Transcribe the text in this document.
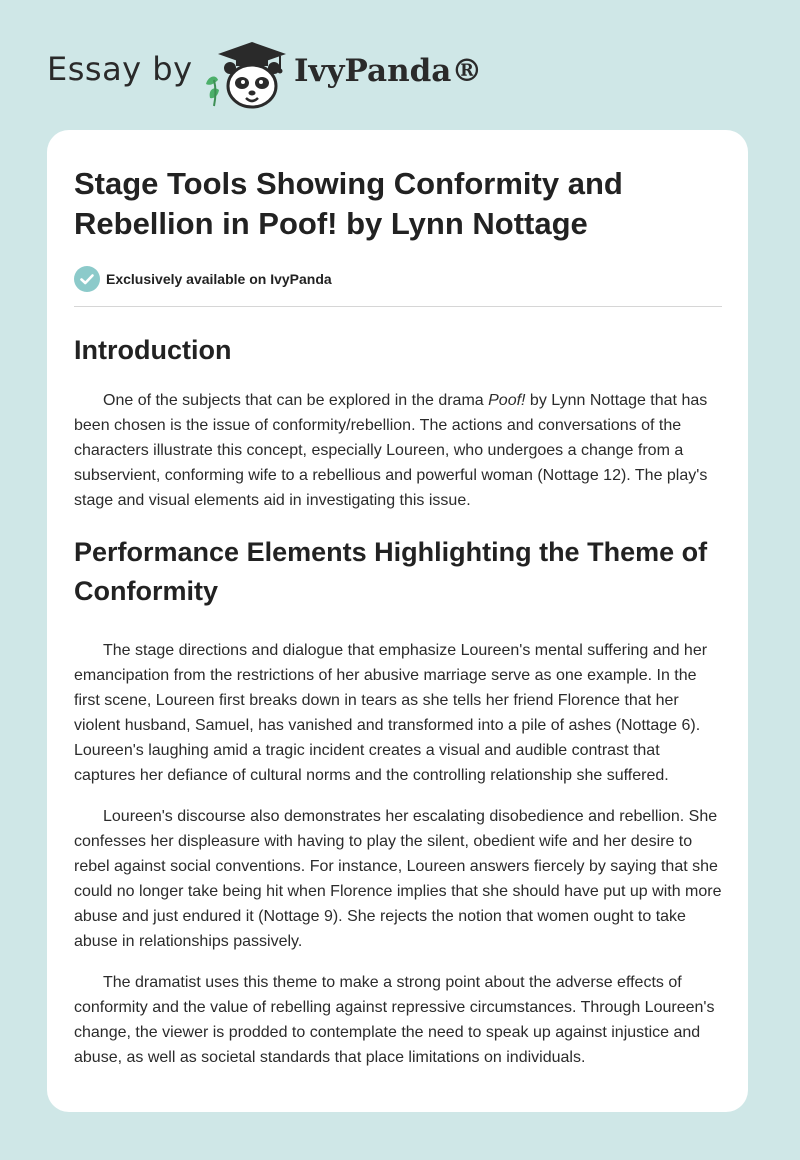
Essay by	IvyPanda®
Stage Tools Showing Conformity and Rebellion in Poof! by Lynn Nottage
Exclusively available on IvyPanda
Introduction

One of the subjects that can be explored in the drama Poof! by Lynn Nottage that has been chosen is the issue of conformity/rebellion. The actions and conversations of the characters illustrate this concept, especially Loureen, who undergoes a change from a subservient, conforming wife to a rebellious and powerful woman (Nottage 12). The play's stage and visual elements aid in investigating this issue.

Performance Elements Highlighting the Theme of Conformity

The stage directions and dialogue that emphasize Loureen's mental suffering and her emancipation from the restrictions of her abusive marriage serve as one example. In the first scene, Loureen first breaks down in tears as she tells her friend Florence that her violent husband, Samuel, has vanished and transformed into a pile of ashes (Nottage 6). Loureen's laughing amid a tragic incident creates a visual and audible contrast that captures her defiance of cultural norms and the controlling relationship she suffered.

Loureen's discourse also demonstrates her escalating disobedience and rebellion. She confesses her displeasure with having to play the silent, obedient wife and her desire to rebel against social conventions. For instance, Loureen answers fiercely by saying that she could no longer take being hit when Florence implies that she should have put up with more abuse and just endured it (Nottage 9). She rejects the notion that women ought to take abuse in relationships passively.

The dramatist uses this theme to make a strong point about the adverse effects of conformity and the value of rebelling against repressive circumstances. Through Loureen's change, the viewer is prodded to contemplate the need to speak up against injustice and abuse, as well as societal standards that place limitations on individuals.
